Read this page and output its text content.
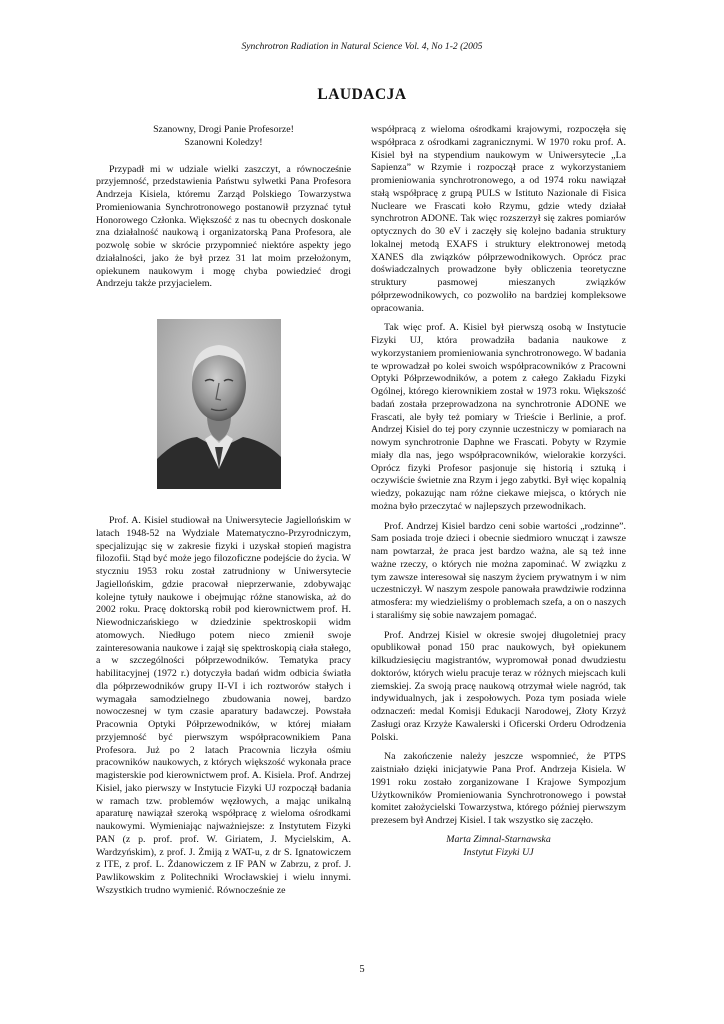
Synchrotron Radiation in Natural Science Vol. 4, No 1-2 (2005
LAUDACJA
Szanowny, Drogi Panie Profesorze!
Szanowni Koledzy!

Przypadł mi w udziale wielki zaszczyt, a równocześnie przyjemność, przedstawienia Państwu sylwetki Pana Profesora Andrzeja Kisiela, któremu Zarząd Polskiego Towarzystwa Promieniowania Synchrotronowego postanowił przyznać tytuł Honorowego Członka. Większość z nas tu obecnych doskonale zna działalność naukową i organizatorską Pana Profesora, ale pozwolę sobie w skrócie przypomnieć niektóre aspekty jego działalności, jako że był przez 31 lat moim przełożonym, opiekunem naukowym i mogę chyba powiedzieć drogi Andrzeju także przyjacielem.

Prof. A. Kisiel studiował na Uniwersytecie Jagiellońskim w latach 1948-52 na Wydziale Matematyczno-Przyrodniczym, specjalizując się w zakresie fizyki i uzyskał stopień magistra filozofii. Stąd być może jego filozoficzne podejście do życia. W styczniu 1953 roku został zatrudniony w Uniwersytecie Jagiellońskim, gdzie pracował nieprzerwanie, zdobywając kolejne tytuły naukowe i obejmując różne stanowiska, aż do 2002 roku. Pracę doktorską robił pod kierownictwem prof. H. Niewodniczańskiego w dziedzinie spektroskopii widm atomowych. Niedługo potem nieco zmienił swoje zainteresowania naukowe i zajął się spektroskopią ciała stałego, a w szczególności półprzewodników. Tematyka pracy habilitacyjnej (1972 r.) dotyczyła badań widm odbicia światła dla półprzewodników grupy II-VI i ich roztworów stałych i wymagała samodzielnego zbudowania nowej, bardzo nowoczesnej w tym czasie aparatury badawczej. Powstała Pracownia Optyki Półprzewodników, w której miałam przyjemność być pierwszym współpracownikiem Pana Profesora. Już po 2 latach Pracownia liczyła ośmiu pracowników naukowych, z których większość wykonała prace magisterskie pod kierownictwem prof. A. Kisiela. Prof. Andrzej Kisiel, jako pierwszy w Instytucie Fizyki UJ rozpoczął badania w ramach tzw. problemów węzłowych, a mając unikalną aparaturę nawiązał szeroką współpracę z wieloma ośrodkami naukowymi. Wymieniając najważniejsze: z Instytutem Fizyki PAN (z p. prof. prof. W. Giriatem, J. Mycielskim, A. Wardzyńskim), z prof. J. Żmiją z WAT-u, z dr S. Ignatowiczem z ITE, z prof. L. Żdanowiczem z IF PAN w Zabrzu, z prof. J. Pawlikowskim z Politechniki Wrocławskiej i wielu innymi. Wszystkich trudno wymienić. Równocześnie ze

współpracą z wieloma ośrodkami krajowymi, rozpoczęła się współpraca z ośrodkami zagranicznymi. W 1970 roku prof. A. Kisiel był na stypendium naukowym w Uniwersytecie „La Sapienza” w Rzymie i rozpoczął prace z wykorzystaniem promieniowania synchrotronowego, a od 1974 roku nawiązał stałą współpracę z grupą PULS w Istituto Nazionale di Fisica Nucleare we Frascati koło Rzymu, gdzie wtedy działał synchrotron ADONE. Tak więc rozszerzył się zakres pomiarów optycznych do 30 eV i zaczęły się kolejno badania struktury lokalnej metodą EXAFS i struktury elektronowej metodą XANES dla związków półprzewodnikowych. Oprócz prac doświadczalnych prowadzone były obliczenia teoretyczne struktury pasmowej mieszanych związków półprzewodnikowych, co pozwoliło na bardziej kompleksowe opracowania.

Tak więc prof. A. Kisiel był pierwszą osobą w Instytucie Fizyki UJ, która prowadziła badania naukowe z wykorzystaniem promieniowania synchrotronowego. W badania te wprowadzał po kolei swoich współpracowników z Pracowni Optyki Półprzewodników, a potem z całego Zakładu Fizyki Ogólnej, którego kierownikiem został w 1973 roku. Większość badań została przeprowadzona na synchrotronie ADONE we Frascati, ale były też pomiary w Trieście i Berlinie, a prof. Andrzej Kisiel do tej pory czynnie uczestniczy w pomiarach na nowym synchrotronie Daphne we Frascati. Pobyty w Rzymie miały dla nas, jego współpracowników, wielorakie korzyści. Oprócz fizyki Profesor pasjonuje się historią i sztuką i oczywiście świetnie zna Rzym i jego zabytki. Był więc kopalnią wiedzy, pokazując nam różne ciekawe miejsca, o których nie można było przeczytać w najlepszych przewodnikach.

Prof. Andrzej Kisiel bardzo ceni sobie wartości „rodzinne”. Sam posiada troje dzieci i obecnie siedmioro wnucząt i zawsze nam powtarzał, że praca jest bardzo ważna, ale są też inne ważne rzeczy, o których nie można zapominać. W związku z tym zawsze interesował się naszym życiem prywatnym i w nim uczestniczył. W naszym zespole panowała prawdziwie rodzinna atmosfera: my wiedzieliśmy o problemach szefa, a on o naszych i staraliśmy się sobie nawzajem pomagać.

Prof. Andrzej Kisiel w okresie swojej długoletniej pracy opublikował ponad 150 prac naukowych, był opiekunem kilkudziesięciu magistrantów, wypromował ponad dwudziestu doktorów, których wielu pracuje teraz w różnych miejscach kuli ziemskiej. Za swoją pracę naukową otrzymał wiele nagród, tak indywidualnych, jak i zespołowych. Poza tym posiada wiele odznaczeń: medal Komisji Edukacji Narodowej, Złoty Krzyż Zasługi oraz Krzyże Kawalerski i Oficerski Orderu Odrodzenia Polski.

Na zakończenie należy jeszcze wspomnieć, że PTPS zaistniało dzięki inicjatywie Pana Prof. Andrzeja Kisiela. W 1991 roku zostało zorganizowane I Krajowe Sympozjum Użytkowników Promieniowania Synchrotronowego i powstał komitet założycielski Towarzystwa, którego później pierwszym prezesem był Andrzej Kisiel. I tak wszystko się zaczęło.

Marta Zimnal-Starnawska
Instytut Fizyki UJ
5
